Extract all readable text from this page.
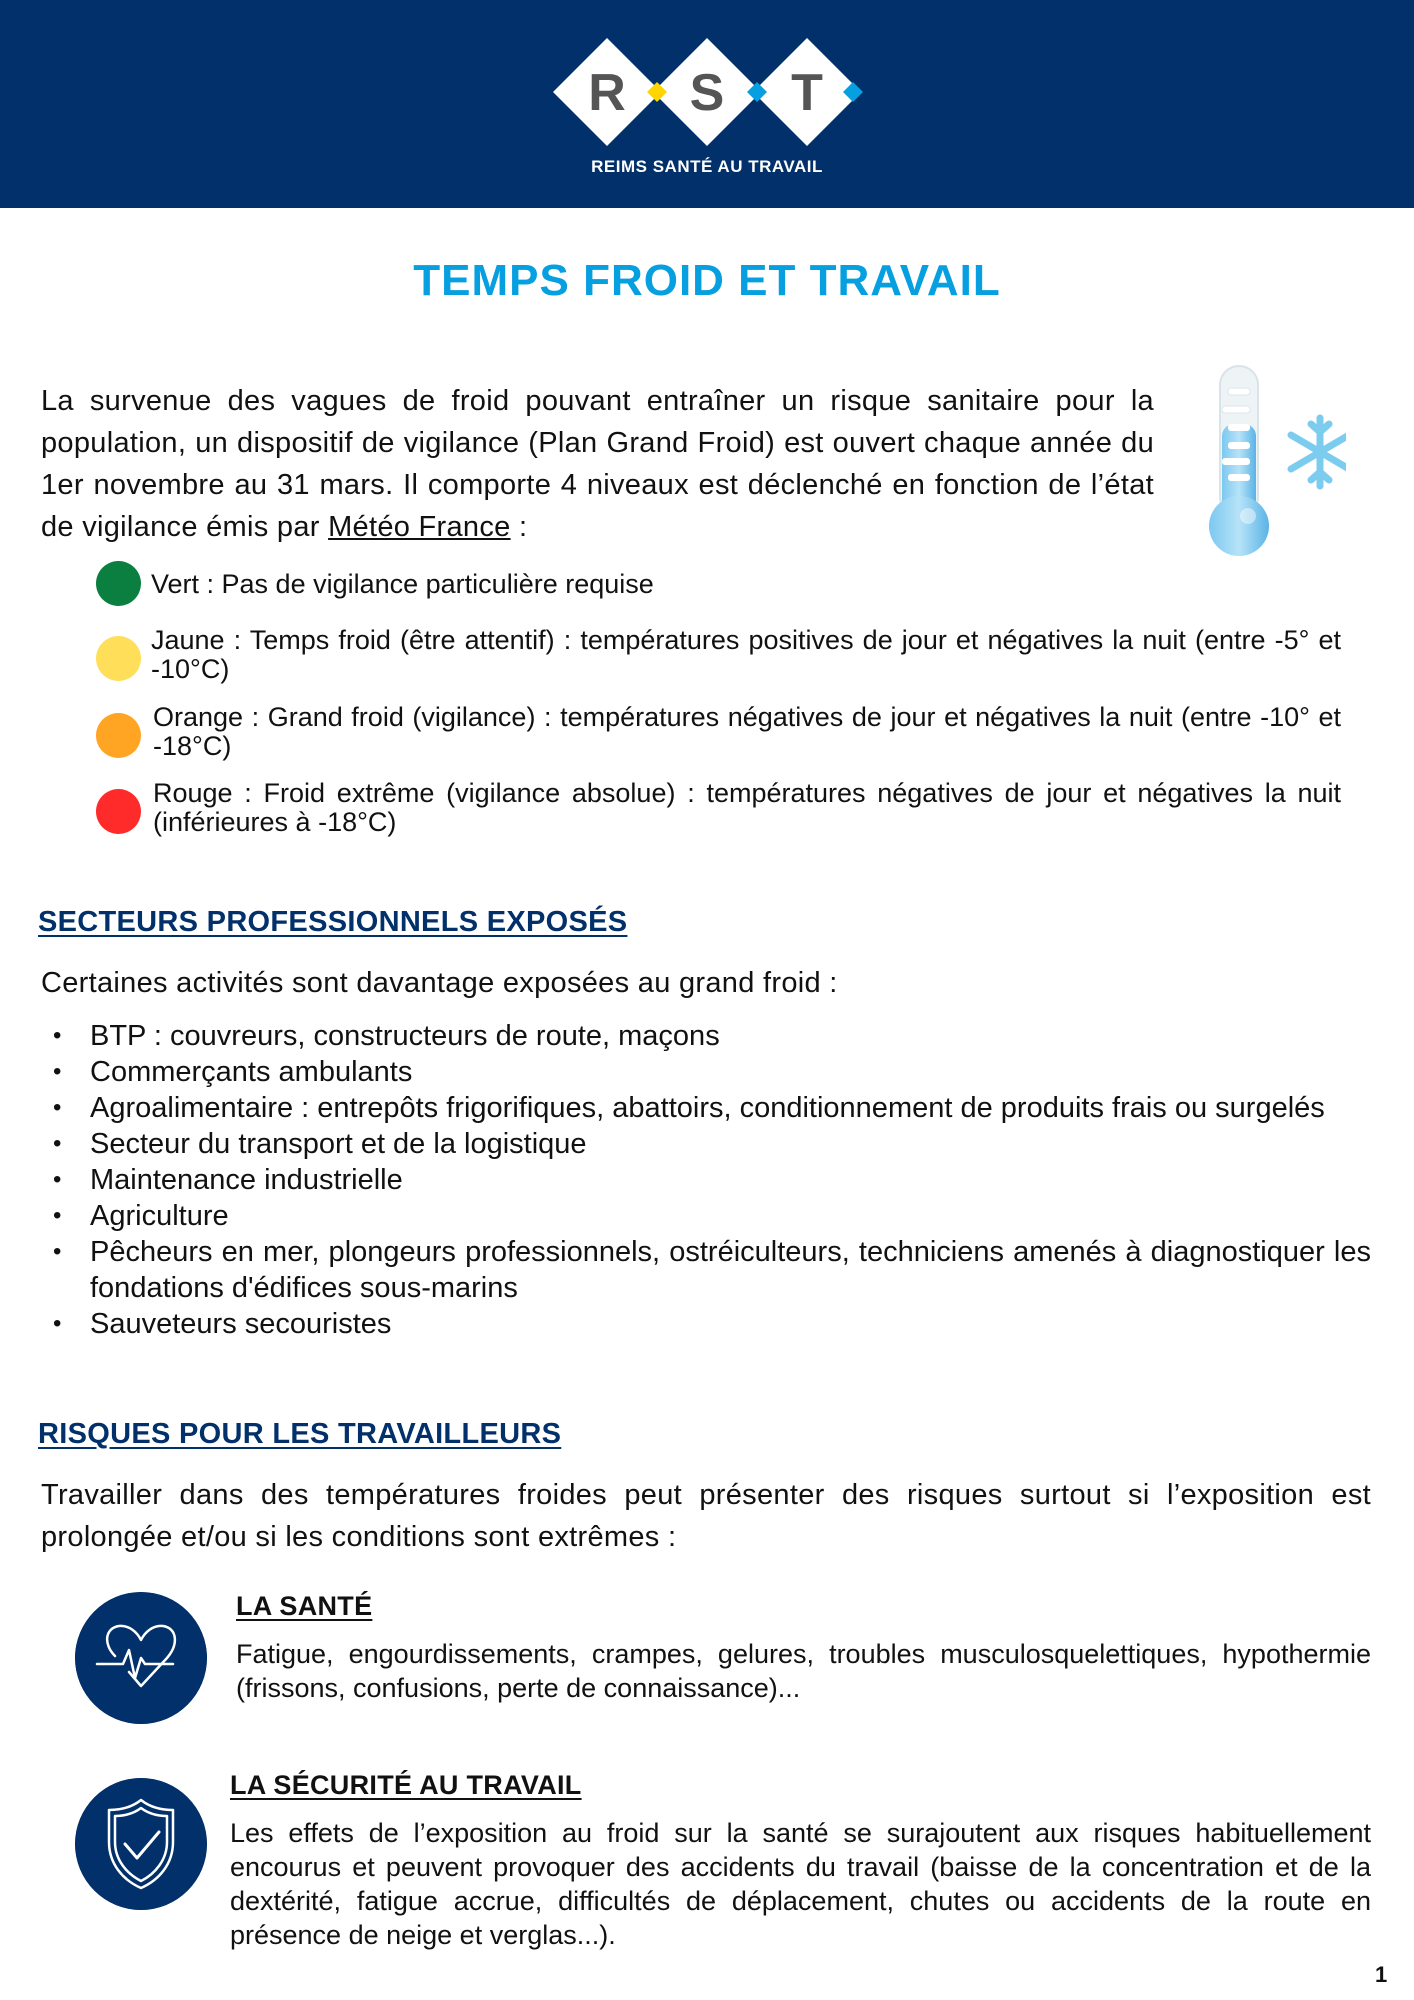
R S T
REIMS SANTÉ AU TRAVAIL
TEMPS FROID ET TRAVAIL
La survenue des vagues de froid pouvant entraîner un risque sanitaire pour la population, un dispositif de vigilance (Plan Grand Froid) est ouvert chaque année du 1er novembre au 31 mars. Il comporte 4 niveaux est déclenché en fonction de l’état de vigilance émis par Météo France :
Vert : Pas de vigilance particulière requise
Jaune : Temps froid (être attentif) : températures positives de jour et négatives la nuit (entre -5° et -10°C)
Orange : Grand froid (vigilance) : températures négatives de jour et négatives la nuit (entre -10° et -18°C)
Rouge : Froid extrême (vigilance absolue) : températures négatives de jour et négatives la nuit (inférieures à -18°C)
SECTEURS PROFESSIONNELS EXPOSÉS
Certaines activités sont davantage exposées au grand froid :
• BTP : couvreurs, constructeurs de route, maçons
• Commerçants ambulants
• Agroalimentaire : entrepôts frigorifiques, abattoirs, conditionnement de produits frais ou surgelés
• Secteur du transport et de la logistique
• Maintenance industrielle
• Agriculture
• Pêcheurs en mer, plongeurs professionnels, ostréiculteurs, techniciens amenés à diagnostiquer les fondations d'édifices sous-marins
• Sauveteurs secouristes
RISQUES POUR LES TRAVAILLEURS
Travailler dans des températures froides peut présenter des risques surtout si l’exposition est prolongée et/ou si les conditions sont extrêmes :
LA SANTÉ
Fatigue, engourdissements, crampes, gelures, troubles musculosquelettiques, hypothermie (frissons, confusions, perte de connaissance)...
LA SÉCURITÉ AU TRAVAIL
Les effets de l’exposition au froid sur la santé se surajoutent aux risques habituellement encourus et peuvent provoquer des accidents du travail (baisse de la concentration et de la dextérité, fatigue accrue, difficultés de déplacement, chutes ou accidents de la route en présence de neige et verglas...).
1
